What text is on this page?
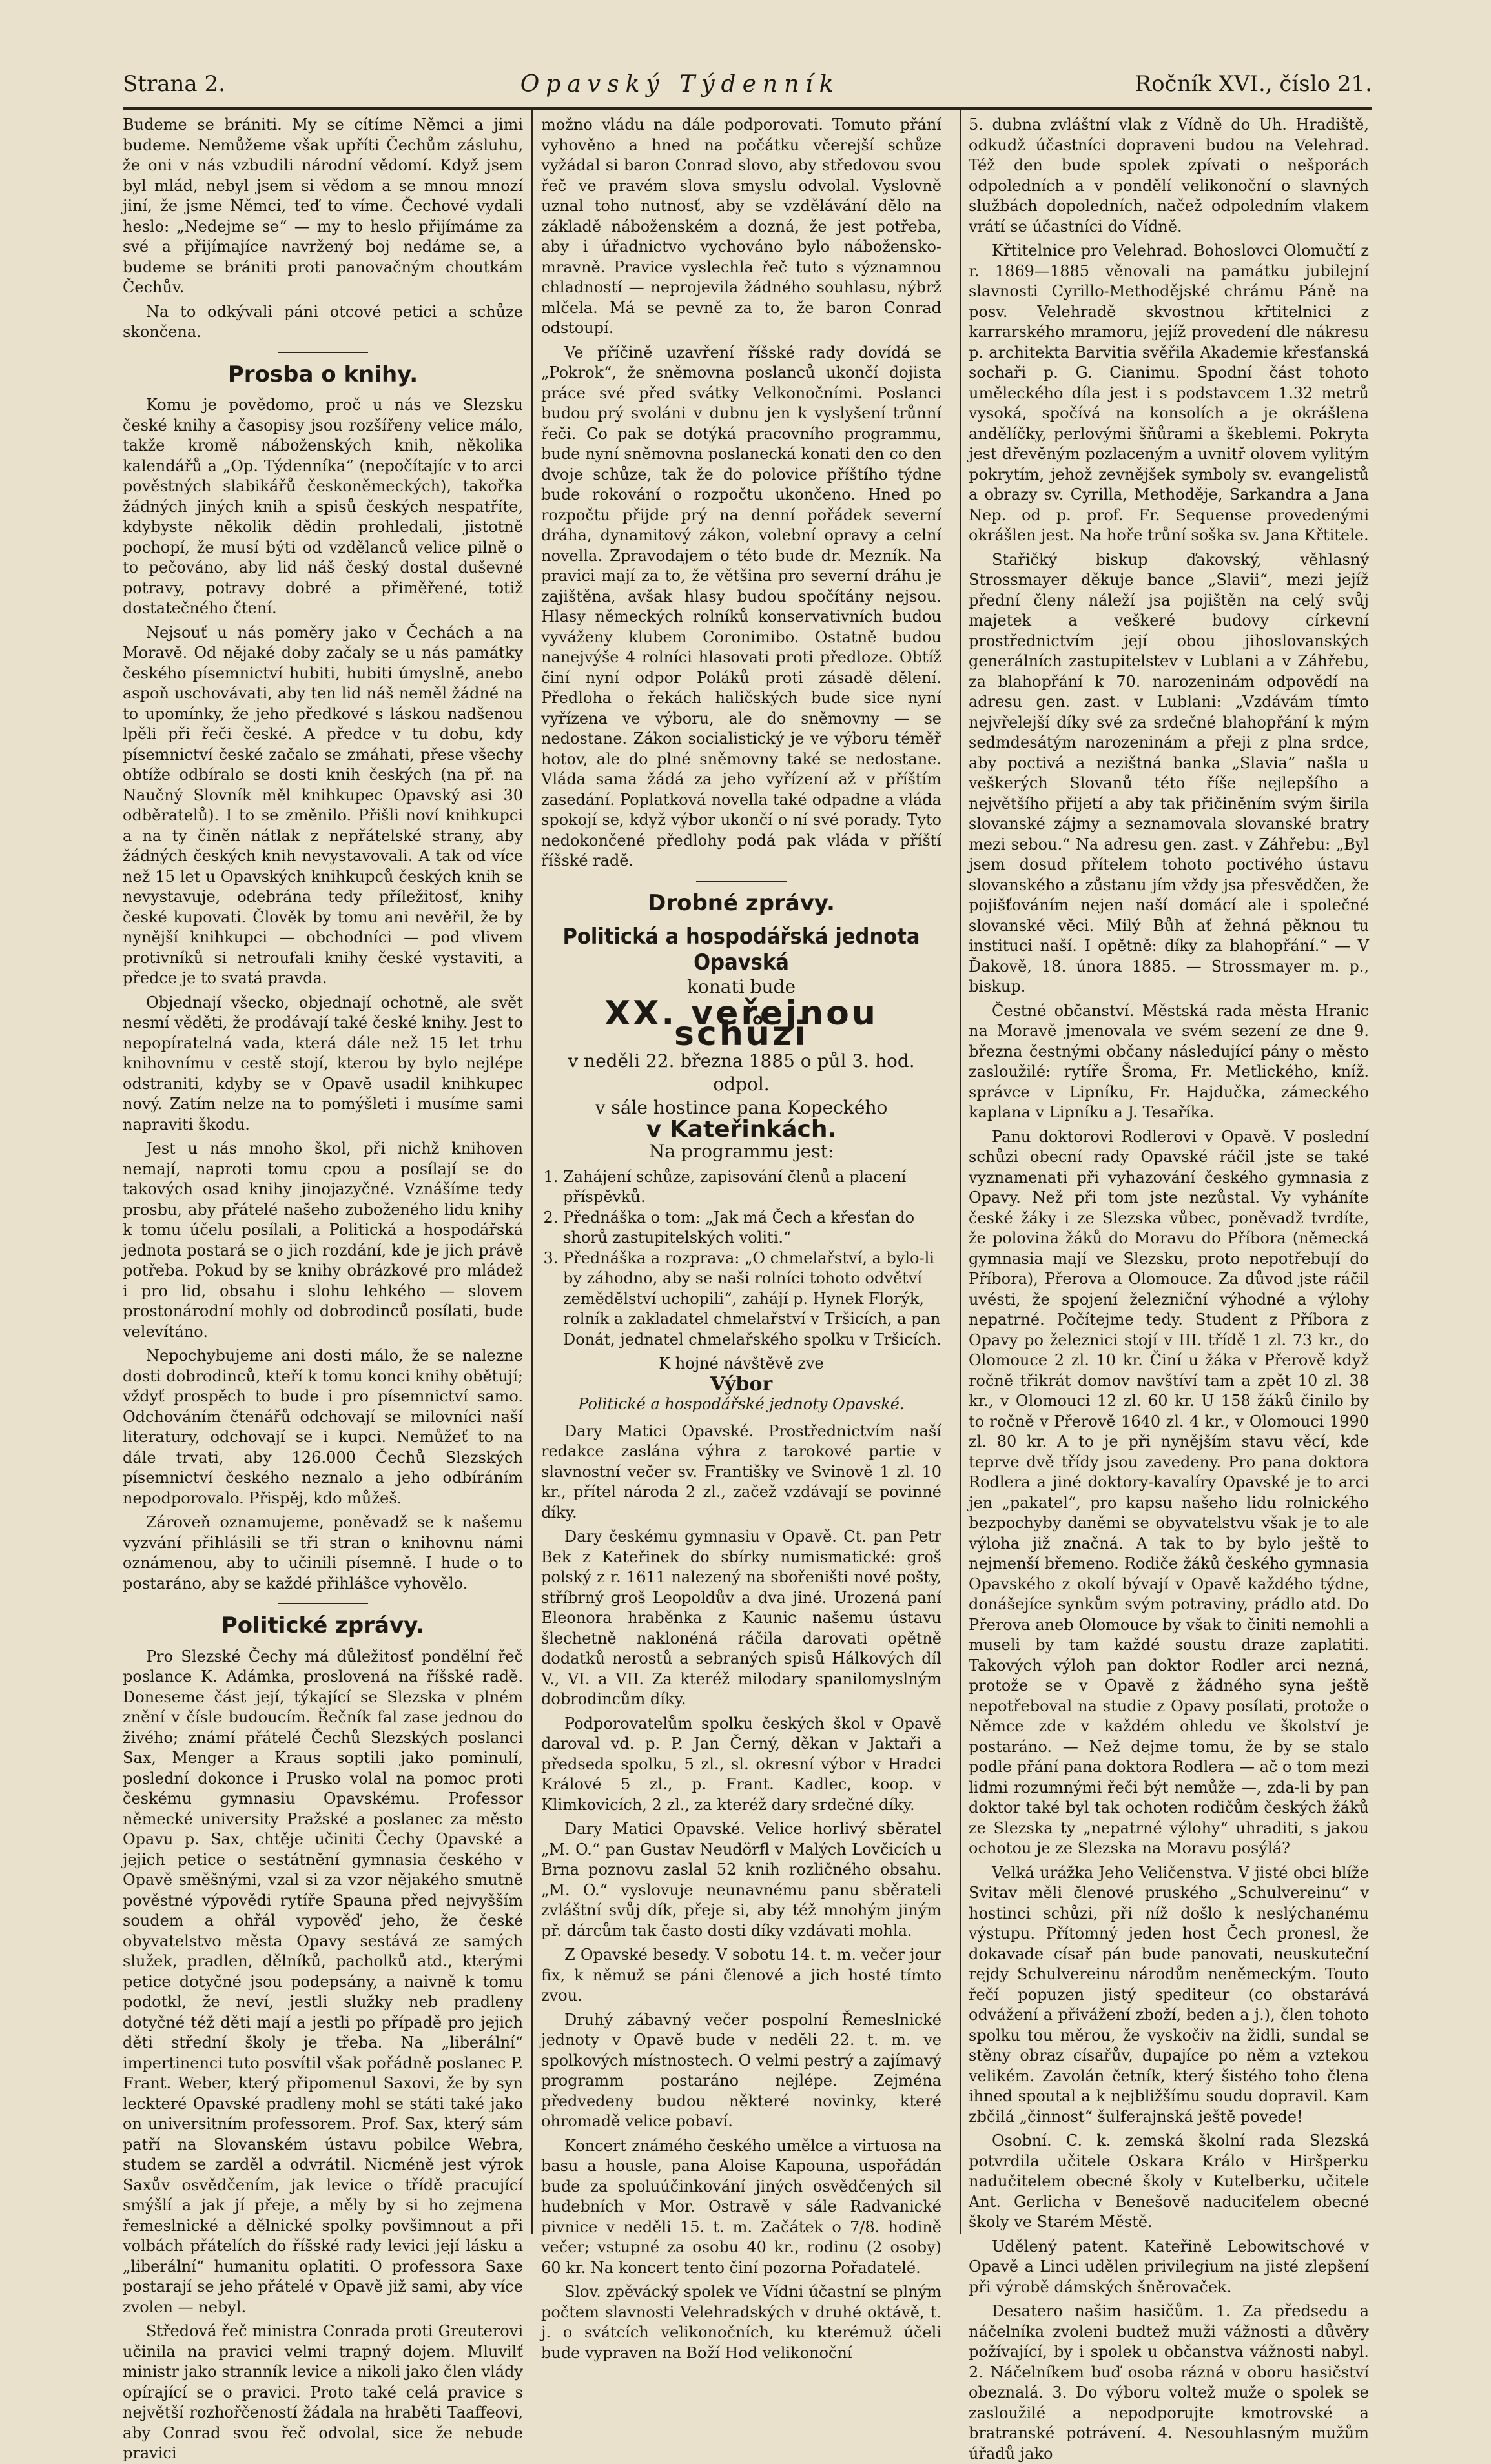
Strana 2.	Opavský Týdenník	Ročník XVI., číslo 21.

Budeme se brániti. My se cítíme Němci a jimi budeme. Nemůžeme však upříti Čechům zásluhu, že oni v nás vzbudili národní vědomí. Když jsem byl mlád, nebyl jsem si vědom a se mnou mnozí jiní, že jsme Němci, teď to víme. Čechové vydali heslo: „Nedejme se“ — my to heslo přijímáme za své a přijímajíce navržený boj nedáme se, a budeme se brániti proti panovačným choutkám Čechův.

Na to odkývali páni otcové petici a schůze skončena.

Prosba o knihy.

Komu je povědomo, proč u nás ve Slezsku české knihy a časopisy jsou rozšířeny velice málo, takže kromě náboženských knih, několika kalendářů a „Op. Týdenníka“ (nepočítajíc v to arci pověstných slabikářů českoněmeckých), takořka žádných jiných knih a spisů českých nespatříte, kdybyste několik dědin prohledali, jistotně pochopí, že musí býti od vzdělanců velice pilně o to pečováno, aby lid náš český dostal duševné potravy, potravy dobré a přiměřené, totiž dostatečného čtení.

Nejsouť u nás poměry jako v Čechách a na Moravě. Od nějaké doby začaly se u nás památky českého písemnictví hubiti, hubiti úmyslně, anebo aspoň uschovávati, aby ten lid náš neměl žádné na to upomínky, že jeho předkové s láskou nadšenou lpěli při řeči české. A předce v tu dobu, kdy písemnictví české začalo se zmáhati, přese všechy obtíže odbíralo se dosti knih českých (na př. na Naučný Slovník měl knihkupec Opavský asi 30 odběratelů). I to se změnilo. Přišli noví knihkupci a na ty činěn nátlak z nepřátelské strany, aby žádných českých knih nevystavovali. A tak od více než 15 let u Opavských knihkupců českých knih se nevystavuje, odebrána tedy příležitosť, knihy české kupovati. Člověk by tomu ani nevěřil, že by nynější knihkupci — obchodníci — pod vlivem protivníků si netroufali knihy české vystaviti, a předce je to svatá pravda.

Objednají všecko, objednají ochotně, ale svět nesmí věděti, že prodávají také české knihy. Jest to nepopíratelná vada, která dále než 15 let trhu knihovnímu v cestě stojí, kterou by bylo nejlépe odstraniti, kdyby se v Opavě usadil knihkupec nový. Zatím nelze na to pomýšleti i musíme sami napraviti škodu.

Jest u nás mnoho škol, při nichž knihoven nemají, naproti tomu cpou a posílají se do takových osad knihy jinojazyčné. Vznášíme tedy prosbu, aby přátelé našeho zuboženého lidu knihy k tomu účelu posílali, a Politická a hospodářská jednota postará se o jich rozdání, kde je jich právě potřeba. Pokud by se knihy obrázkové pro mládež i pro lid, obsahu i slohu lehkého — slovem prostonárodní mohly od dobrodinců posílati, bude velevítáno.

Nepochybujeme ani dosti málo, že se nalezne dosti dobrodinců, kteří k tomu konci knihy obětují; vždyť prospěch to bude i pro písemnictví samo. Odchováním čtenářů odchovají se milovníci naší literatury, odchovají se i kupci. Nemůžeť to na dále trvati, aby 126.000 Čechů Slezských písemnictví českého neznalo a jeho odbíráním nepodporovalo. Přispěj, kdo můžeš.

Zároveň oznamujeme, poněvadž se k našemu vyzvání přihlásili se tři stran o knihovnu námi oznámenou, aby to učinili písemně. I hude o to postaráno, aby se každé přihlášce vyhovělo.

Politické zprávy.

Pro Slezské Čechy má důležitosť pondělní řeč poslance K. Adámka, proslovená na říšské radě. Doneseme část její, týkající se Slezska v plném znění v čísle budoucím. Řečník fal zase jednou do živého; známí přátelé Čechů Slezských poslanci Sax, Menger a Kraus soptili jako pominulí, poslední dokonce i Prusko volal na pomoc proti českému gymnasiu Opavskému. Professor německé university Pražské a poslanec za město Opavu p. Sax, chtěje učiniti Čechy Opavské a jejich petice o sestátnění gymnasia českého v Opavě směšnými, vzal si za vzor nějakého smutně pověstné výpovědi rytíře Spauna před nejvyšším soudem a ohřál vypověď jeho, že české obyvatelstvo města Opavy sestává ze samých služek, pradlen, dělníků, pacholků atd., kterými petice dotyčné jsou podepsány, a naivně k tomu podotkl, že neví, jestli služky neb pradleny dotyčné též děti mají a jestli po případě pro jejich děti střední školy je třeba. Na „liberální“ impertinenci tuto posvítil však pořádně poslanec P. Frant. Weber, který připomenul Saxovi, že by syn leckteré Opavské pradleny mohl se státi také jako on universitním professorem. Prof. Sax, který sám patří na Slovanském ústavu pobilce Webra, studem se zarděl a odvrátil. Nicméně jest výrok Saxův osvědčením, jak levice o třídě pracující smýšlí a jak jí přeje, a měly by si ho zejmena řemeslnické a dělnické spolky povšimnout a při volbách přátelích do říšské rady levici její lásku a „liberální“ humanitu oplatiti. O professora Saxe postarají se jeho přátelé v Opavě již sami, aby více zvolen — nebyl.

Středová řeč ministra Conrada proti Greuterovi učinila na pravici velmi trapný dojem. Mluvilť ministr jako stranník levice a nikoli jako člen vlády opírající se o pravici. Proto také celá pravice s největší rozhořčeností žádala na hraběti Taaffeovi, aby Conrad svou řeč odvolal, sice že nebude pravici

možno vládu na dále podporovati. Tomuto přání vyhověno a hned na počátku včerejší schůze vyžádal si baron Conrad slovo, aby středovou svou řeč ve pravém slova smyslu odvolal. Vyslovně uznal toho nutnosť, aby se vzdělávání dělo na základě náboženském a dozná, že jest potřeba, aby i úřadnictvo vychováno bylo nábožensko-mravně. Pravice vyslechla řeč tuto s významnou chladností — neprojevila žádného souhlasu, nýbrž mlčela. Má se pevně za to, že baron Conrad odstoupí.

Ve příčině uzavření říšské rady dovídá se „Pokrok“, že sněmovna poslanců ukončí dojista práce své před svátky Velkonočními. Poslanci budou prý svoláni v dubnu jen k vyslyšení trůnní řeči. Co pak se dotýká pracovního programmu, bude nyní sněmovna poslanecká konati den co den dvoje schůze, tak že do polovice příštího týdne bude rokování o rozpočtu ukončeno. Hned po rozpočtu přijde prý na denní pořádek severní dráha, dynamitový zákon, volební opravy a celní novella. Zpravodajem o této bude dr. Mezník. Na pravici mají za to, že většina pro severní dráhu je zajištěna, avšak hlasy budou spočítány nejsou. Hlasy německých rolníků konservativních budou vyváženy klubem Coronimibo. Ostatně budou nanejvýše 4 rolníci hlasovati proti předloze. Obtíž činí nyní odpor Poláků proti zásadě dělení. Předloha o řekách haličských bude sice nyní vyřízena ve výboru, ale do sněmovny — se nedostane. Zákon socialistický je ve výboru téměř hotov, ale do plné sněmovny také se nedostane. Vláda sama žádá za jeho vyřízení až v příštím zasedání. Poplatková novella také odpadne a vláda spokojí se, když výbor ukončí o ní své porady. Tyto nedokončené předlohy podá pak vláda v příští říšské radě.

Drobné zprávy.
Politická a hospodářská jednota Opavská
konati bude
XX. veřejnou schůzi
v neděli 22. března 1885 o půl 3. hod. odpol.
v sále hostince pana Kopeckého
v Kateřinkách.
Na programmu jest:
1. Zahájení schůze, zapisování členů a placení příspěvků.
2. Přednáška o tom: „Jak má Čech a křesťan do shorů zastupitelských voliti.“
3. Přednáška a rozprava: „O chmelařství, a bylo-li by záhodno, aby se naši rolníci tohoto odvětví zemědělství uchopili“, zahájí p. Hynek Florýk, rolník a zakladatel chmelařství v Tršicích, a pan Donát, jednatel chmelařského spolku v Tršicích.
K hojné návštěvě zve
Výbor
Politické a hospodářské jednoty Opavské.

Dary Matici Opavské. Prostřednictvím naší redakce zaslána výhra z tarokové partie v slavnostní večer sv. Františky ve Svinově 1 zl. 10 kr., přítel národa 2 zl., začež vzdávají se povinné díky.

Dary českému gymnasiu v Opavě. Ct. pan Petr Bek z Kateřinek do sbírky numismatické: groš polský z r. 1611 nalezený na sbořeništi nové pošty, stříbrný groš Leopoldův a dva jiné. Urozená paní Eleonora hraběnka z Kaunic našemu ústavu šlechetně naklonéná ráčila darovati opětně dodatků nerostů a sebraných spisů Hálkových díl V., VI. a VII. Za kteréž milodary spanilomyslným dobrodincům díky.

Podporovatelům spolku českých škol v Opavě daroval vd. p. P. Jan Černý, děkan v Jaktaři a předseda spolku, 5 zl., sl. okresní výbor v Hradci Králové 5 zl., p. Frant. Kadlec, koop. v Klimkovicích, 2 zl., za kteréž dary srdečné díky.

Dary Matici Opavské. Velice horlivý sběratel „M. O.“ pan Gustav Neudörfl v Malých Lovčicích u Brna poznovu zaslal 52 knih rozličného obsahu. „M. O.“ vyslovuje neunavnému panu sběrateli zvláštní svůj dík, přeje si, aby též mnohým jiným př. dárcům tak často dosti díky vzdávati mohla.

Z Opavské besedy. V sobotu 14. t. m. večer jour fix, k němuž se páni členové a jich hosté tímto zvou.

Druhý zábavný večer pospolní Řemeslnické jednoty v Opavě bude v neděli 22. t. m. ve spolkových místnostech. O velmi pestrý a zajímavý programm postaráno nejlépe. Zejména předvedeny budou některé novinky, které ohromadě velice pobaví.

Koncert známého českého umělce a virtuosa na basu a housle, pana Aloise Kapouna, uspořádán bude za spoluúčinkování jiných osvědčených sil hudebních v Mor. Ostravě v sále Radvanické pivnice v neděli 15. t. m. Začátek o 7/8. hodině večer; vstupné za osobu 40 kr., rodinu (2 osoby) 60 kr. Na koncert tento činí pozorna Pořadatelé.

Slov. zpěvácký spolek ve Vídni účastní se plným počtem slavnosti Velehradských v druhé oktávě, t. j. o svátcích velikonočních, ku kterémuž účeli bude vypraven na Boží Hod velikonoční

5. dubna zvláštní vlak z Vídně do Uh. Hradiště, odkudž účastníci dopraveni budou na Velehrad. Též den bude spolek zpívati o nešporách odpoledních a v pondělí velikonoční o slavných službách dopoledních, načež odpoledním vlakem vrátí se účastníci do Vídně.

Křtitelnice pro Velehrad. Bohoslovci Olomučtí z r. 1869—1885 věnovali na památku jubilejní slavnosti Cyrillo-Methodějské chrámu Páně na posv. Velehradě skvostnou křtitelnici z karrarského mramoru, jejíž provedení dle nákresu p. architekta Barvitia svěřila Akademie křesťanská sochaři p. G. Cianimu. Spodní část tohoto uměleckého díla jest i s podstavcem 1.32 metrů vysoká, spočívá na konsolích a je okrášlena andělíčky, perlovými šňůrami a škeblemi. Pokryta jest dřevěným pozlaceným a uvnitř olovem vylitým pokrytím, jehož zevnějšek symboly sv. evangelistů a obrazy sv. Cyrilla, Methoděje, Sarkandra a Jana Nep. od p. prof. Fr. Sequense provedenými okrášlen jest. Na hoře trůní soška sv. Jana Křtitele.

Stařičký biskup ďakovský, věhlasný Strossmayer děkuje bance „Slavii“, mezi jejíž přední členy náleží jsa pojištěn na celý svůj majetek a veškeré budovy církevní prostřednictvím její obou jihoslovanských generálních zastupitelstev v Lublani a v Záhřebu, za blahopřání k 70. narozeninám odpovědí na adresu gen. zast. v Lublani: „Vzdávám tímto nejvřelejší díky své za srdečné blahopřání k mým sedmdesátým narozeninám a přeji z plna srdce, aby poctivá a nezištná banka „Slavia“ našla u veškerých Slovanů této říše nejlepšího a největšího přijetí a aby tak přičiněním svým širila slovanské zájmy a seznamovala slovanské bratry mezi sebou.“ Na adresu gen. zast. v Záhřebu: „Byl jsem dosud přítelem tohoto poctivého ústavu slovanského a zůstanu jím vždy jsa přesvědčen, že pojišťováním nejen naší domácí ale i společné slovanské věci. Milý Bůh ať žehná pěknou tu instituci naší. I opětně: díky za blahopřání.“ — V Ďakově, 18. února 1885. — Strossmayer m. p., biskup.

Čestné občanství. Městská rada města Hranic na Moravě jmenovala ve svém sezení ze dne 9. března čestnými občany následující pány o město zasloužilé: rytíře Šroma, Fr. Metlického, kníž. správce v Lipníku, Fr. Hajdučka, zámeckého kaplana v Lipníku a J. Tesaříka.

Panu doktorovi Rodlerovi v Opavě. V poslední schůzi obecní rady Opavské ráčil jste se také vyznamenati při vyhazování českého gymnasia z Opavy. Než při tom jste nezůstal. Vy vyháníte české žáky i ze Slezska vůbec, poněvadž tvrdíte, že polovina žáků do Moravu do Příbora (německá gymnasia mají ve Slezsku, proto nepotřebují do Příbora), Přerova a Olomouce. Za důvod jste ráčil uvésti, že spojení železniční výhodné a výlohy nepatrné. Počítejme tedy. Student z Příbora z Opavy po železnici stojí v III. třídě 1 zl. 73 kr., do Olomouce 2 zl. 10 kr. Činí u žáka v Přerově když ročně třikrát domov navštíví tam a zpět 10 zl. 38 kr., v Olomouci 12 zl. 60 kr. U 158 žáků činilo by to ročně v Přerově 1640 zl. 4 kr., v Olomouci 1990 zl. 80 kr. A to je při nynějším stavu věcí, kde teprve dvě třídy jsou zavedeny. Pro pana doktora Rodlera a jiné doktory-kavalíry Opavské je to arci jen „pakatel“, pro kapsu našeho lidu rolnického bezpochyby daněmi se obyvatelstvu však je to ale výloha již značná. A tak to by bylo ještě to nejmenší břemeno. Rodiče žáků českého gymnasia Opavského z okolí bývají v Opavě každého týdne, donášejíce synkům svým potraviny, prádlo atd. Do Přerova aneb Olomouce by však to činiti nemohli a museli by tam každé soustu draze zaplatiti. Takových výloh pan doktor Rodler arci nezná, protože se v Opavě z žádného syna ještě nepotřeboval na studie z Opavy posílati, protože o Němce zde v každém ohledu ve školství je postaráno. — Než dejme tomu, že by se stalo podle přání pana doktora Rodlera — ač o tom mezi lidmi rozumnými řeči být nemůže —, zda-li by pan doktor také byl tak ochoten rodičům českých žáků ze Slezska ty „nepatrné výlohy“ uhraditi, s jakou ochotou je ze Slezska na Moravu posýlá?

Velká urážka Jeho Veličenstva. V jisté obci blíže Svitav měli členové pruského „Schulvereinu“ v hostinci schůzi, při níž došlo k neslýchanému výstupu. Přítomný jeden host Čech pronesl, že dokavade císař pán bude panovati, neuskuteční rejdy Schulvereinu národům neněmeckým. Touto řečí popuzen jistý spediteur (co obstarává odvážení a přivážení zboží, beden a j.), člen tohoto spolku tou měrou, že vyskočiv na židli, sundal se stěny obraz císařův, dupajíce po něm a vztekou velikém. Zavolán četník, který šistého toho člena ihned spoutal a k nejbližšímu soudu dopravil. Kam zbčilá „činnost“ šulferajnská ještě povede!

Osobní. C. k. zemská školní rada Slezská potvrdila učitele Oskara Králo v Hiršperku nadučitelem obecné školy v Kutelberku, učitele Ant. Gerlicha v Benešově naduciťelem obecné školy ve Starém Městě.

Udělený patent. Kateřině Lebowitschové v Opavě a Linci udělen privilegium na jisté zlepšení při výrobě dámských šněrovaček.

Desatero našim hasičům. 1. Za předsedu a náčelníka zvoleni budtež muži vážnosti a důvěry požívající, by i spolek u občanstva vážnosti nabyl. 2. Náčelníkem buď osoba rázná v oboru hasičství obeznalá. 3. Do výboru voltež muže o spolek se zasloužilé a nepodporujte kmotrovské a bratranské potrávení. 4. Nesouhlasným mužům úřadů jako
